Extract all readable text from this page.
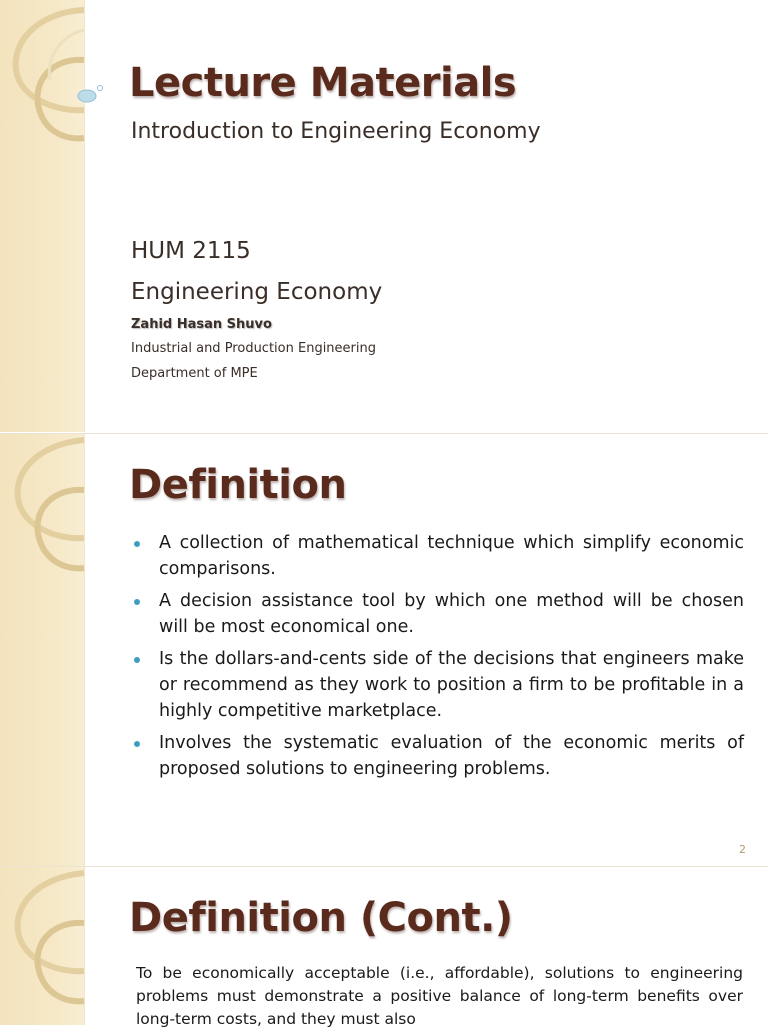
Lecture Materials
Introduction to Engineering Economy
HUM 2115
Engineering Economy
Zahid Hasan Shuvo
Industrial and Production Engineering
Department of MPE
Definition
A collection of mathematical technique which simplify economic comparisons.
A decision assistance tool by which one method will be chosen will be most economical one.
Is the dollars-and-cents side of the decisions that engineers make or recommend as they work to position a firm to be profitable in a highly competitive marketplace.
Involves the systematic evaluation of the economic merits of proposed solutions to engineering problems.
2
Definition (Cont.)

To be economically acceptable (i.e., affordable), solutions to engineering problems must demonstrate a positive balance of long-term benefits over long-term costs, and they must also
